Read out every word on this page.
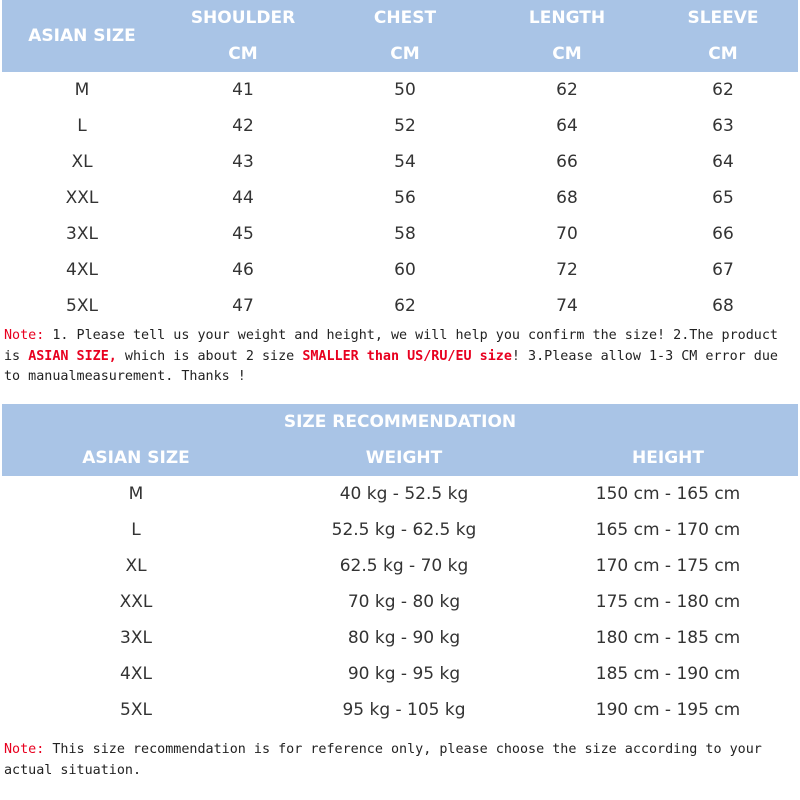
ASIAN SIZE	SHOULDER	CHEST	LENGTH	SLEEVE
	CM	CM	CM	CM
M	41	50	62	62
L	42	52	64	63
XL	43	54	66	64
XXL	44	56	68	65
3XL	45	58	70	66
4XL	46	60	72	67
5XL	47	62	74	68
Note: 1. Please tell us your weight and height, we will help you confirm the size! 2.The product is ASIAN SIZE, which is about 2 size SMALLER than US/RU/EU size! 3.Please allow 1-3 CM error due to manualmeasurement. Thanks !
SIZE RECOMMENDATION		
ASIAN SIZE	WEIGHT	HEIGHT
M	40 kg - 52.5 kg	150 cm - 165 cm
L	52.5 kg - 62.5 kg	165 cm - 170 cm
XL	62.5 kg - 70 kg	170 cm - 175 cm
XXL	70 kg - 80 kg	175 cm - 180 cm
3XL	80 kg - 90 kg	180 cm - 185 cm
4XL	90 kg - 95 kg	185 cm - 190 cm
5XL	95 kg - 105 kg	190 cm - 195 cm
Note: This size recommendation is for reference only, please choose the size according to your actual situation.
